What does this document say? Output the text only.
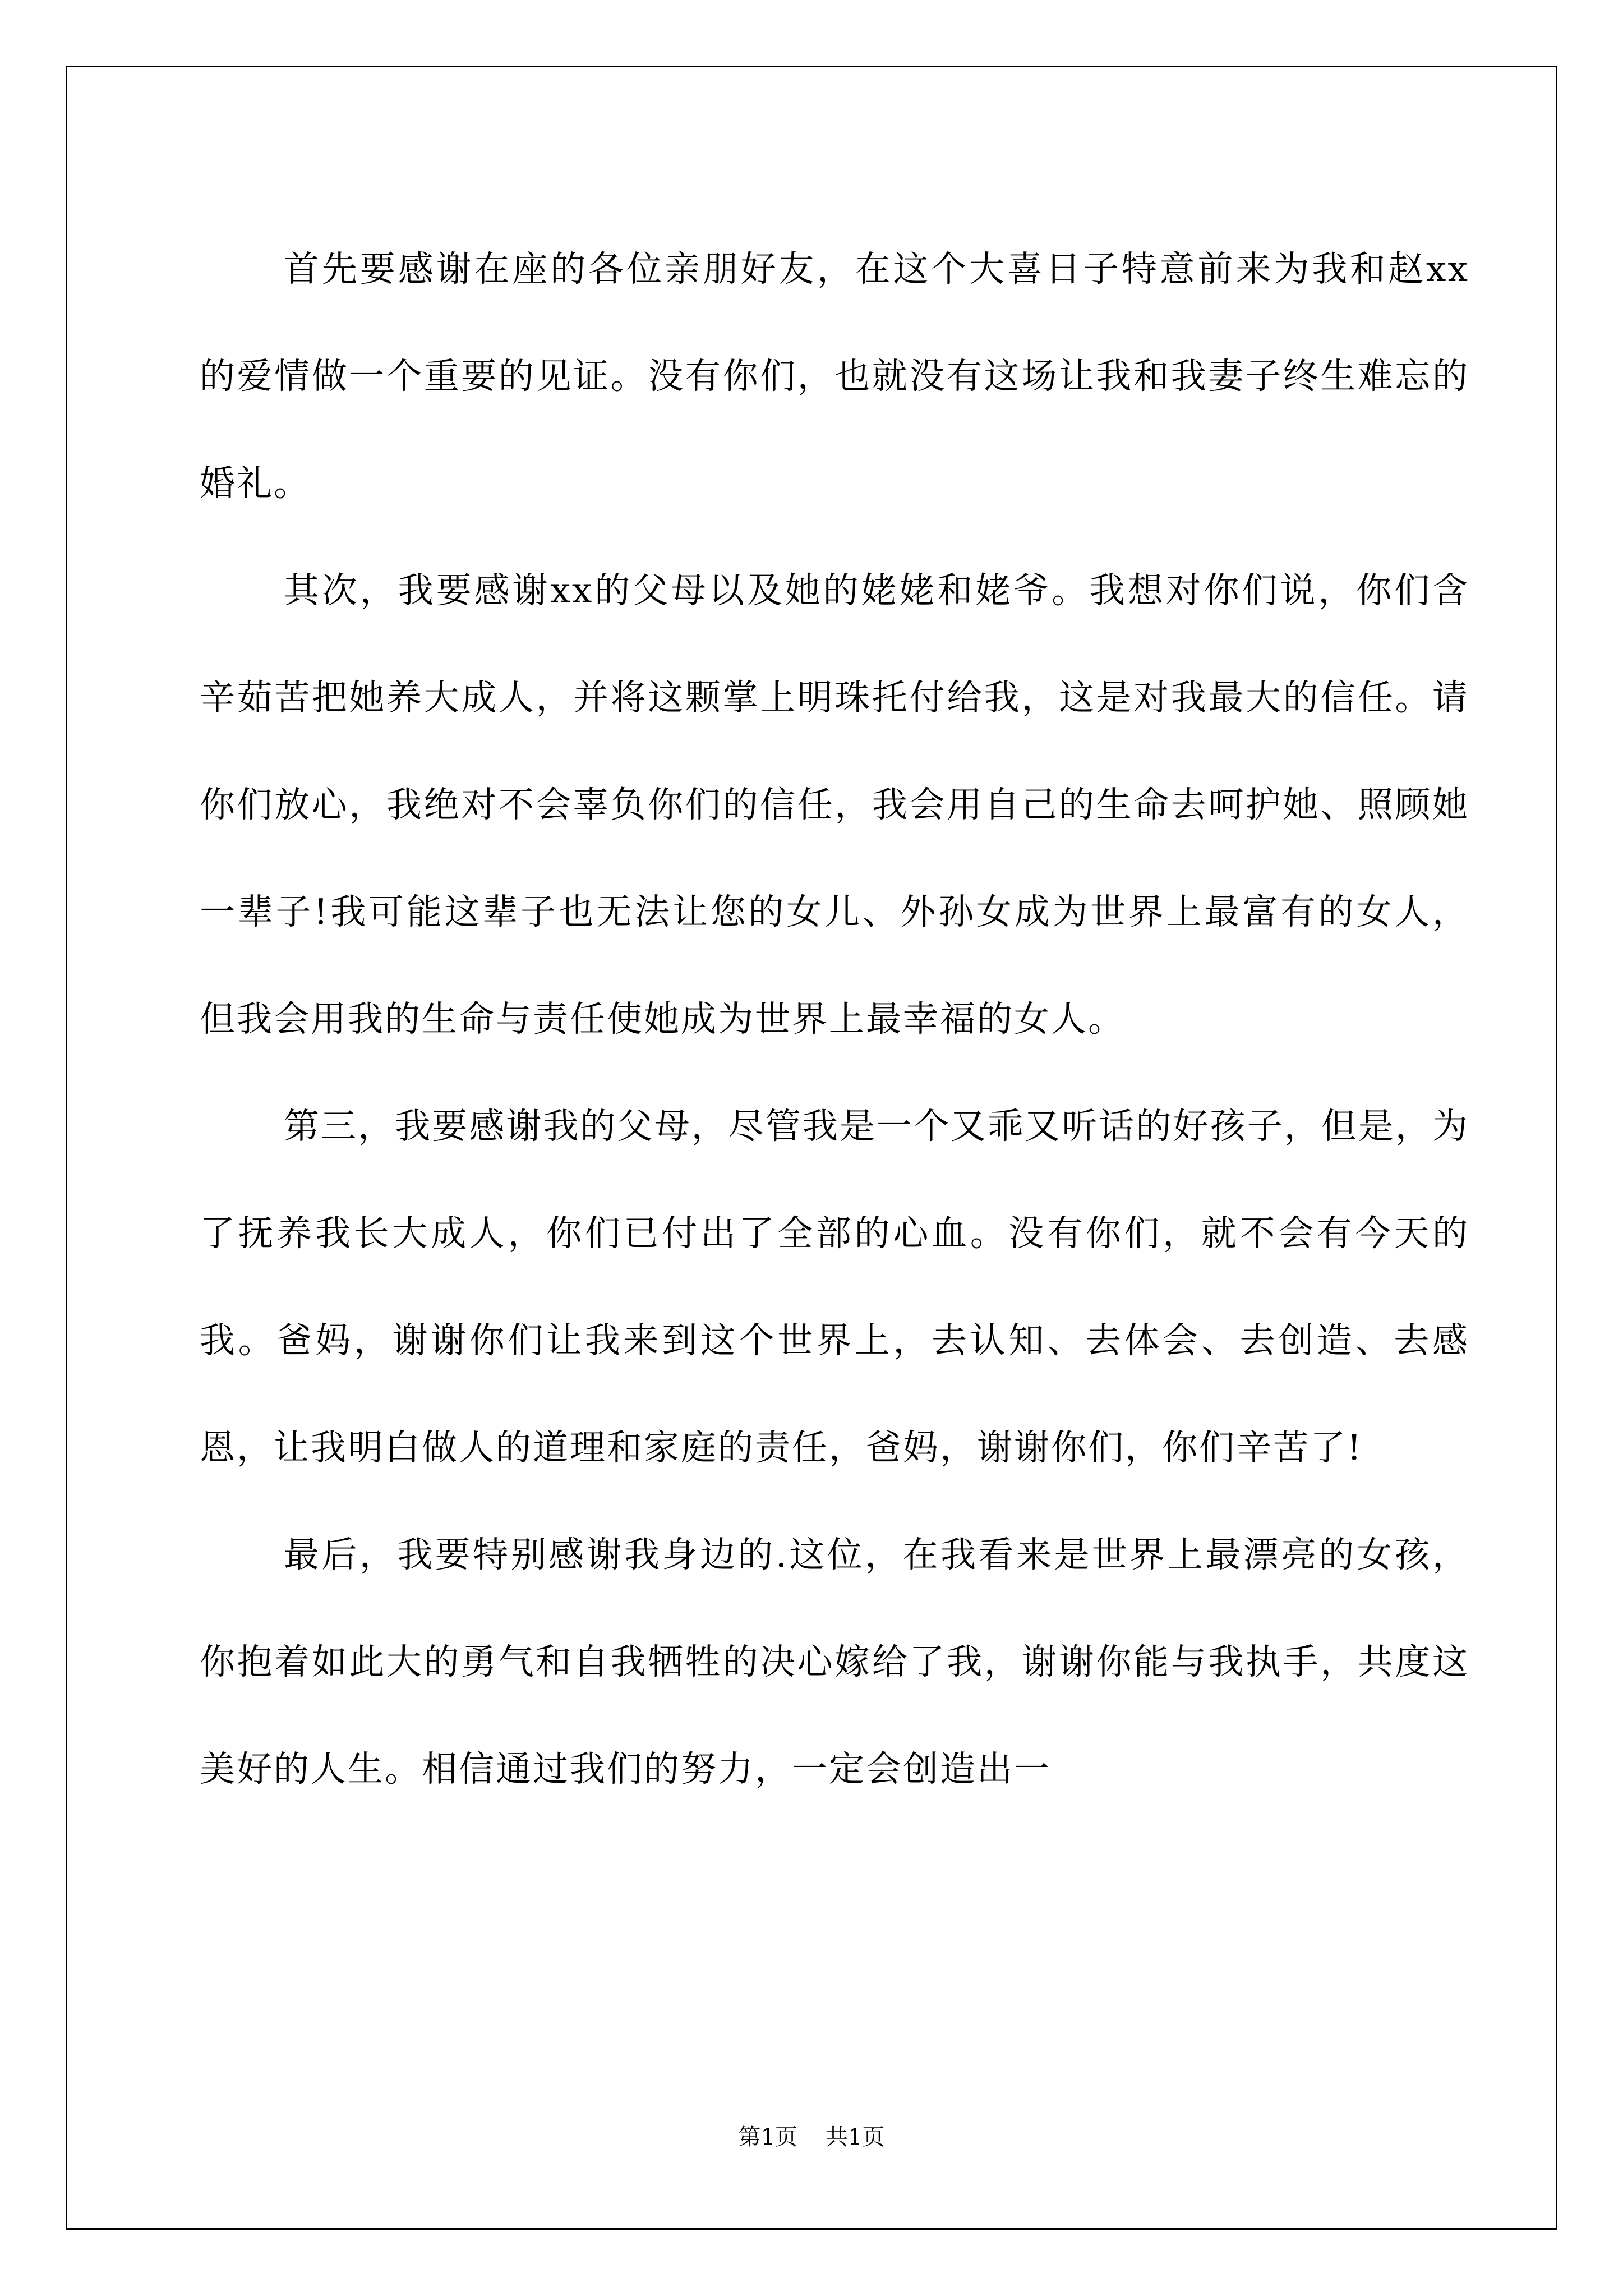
首先要感谢在座的各位亲朋好友，在这个大喜日子特意前来为我和赵xx的爱情做一个重要的见证。没有你们，也就没有这场让我和我妻子终生难忘的婚礼。

其次，我要感谢xx的父母以及她的姥姥和姥爷。我想对你们说，你们含辛茹苦把她养大成人，并将这颗掌上明珠托付给我，这是对我最大的信任。请你们放心，我绝对不会辜负你们的信任，我会用自己的生命去呵护她、照顾她一辈子!我可能这辈子也无法让您的女儿、外孙女成为世界上最富有的女人，但我会用我的生命与责任使她成为世界上最幸福的女人。

第三，我要感谢我的父母，尽管我是一个又乖又听话的好孩子，但是，为了抚养我长大成人，你们已付出了全部的心血。没有你们，就不会有今天的我。爸妈，谢谢你们让我来到这个世界上，去认知、去体会、去创造、去感恩，让我明白做人的道理和家庭的责任，爸妈，谢谢你们，你们辛苦了!

最后，我要特别感谢我身边的.这位，在我看来是世界上最漂亮的女孩，你抱着如此大的勇气和自我牺牲的决心嫁给了我，谢谢你能与我执手，共度这美好的人生。相信通过我们的努力，一定会创造出一

第1页 共1页
